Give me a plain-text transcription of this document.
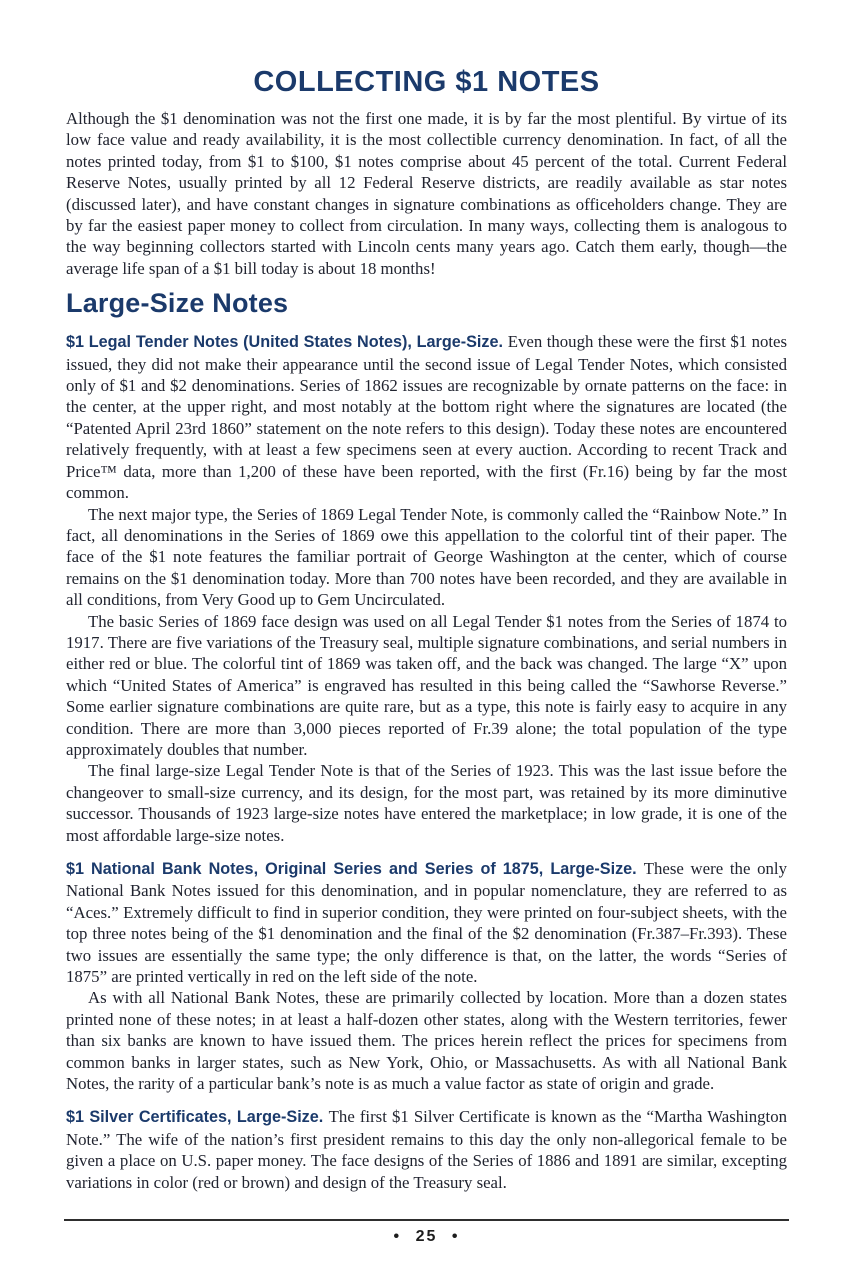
COLLECTING $1 NOTES

Although the $1 denomination was not the first one made, it is by far the most plentiful. By virtue of its low face value and ready availability, it is the most collectible currency denomination. In fact, of all the notes printed today, from $1 to $100, $1 notes comprise about 45 percent of the total. Current Federal Reserve Notes, usually printed by all 12 Federal Reserve districts, are readily available as star notes (discussed later), and have constant changes in signature combinations as officeholders change. They are by far the easiest paper money to collect from circulation. In many ways, collecting them is analogous to the way beginning collectors started with Lincoln cents many years ago. Catch them early, though—the average life span of a $1 bill today is about 18 months!

Large-Size Notes

$1 Legal Tender Notes (United States Notes), Large-Size. Even though these were the first $1 notes issued, they did not make their appearance until the second issue of Legal Tender Notes, which consisted only of $1 and $2 denominations. Series of 1862 issues are recognizable by ornate patterns on the face: in the center, at the upper right, and most notably at the bottom right where the signatures are located (the “Patented April 23rd 1860” statement on the note refers to this design). Today these notes are encountered relatively frequently, with at least a few specimens seen at every auction. According to recent Track and Price™ data, more than 1,200 of these have been reported, with the first (Fr.16) being by far the most common.

The next major type, the Series of 1869 Legal Tender Note, is commonly called the “Rainbow Note.” In fact, all denominations in the Series of 1869 owe this appellation to the colorful tint of their paper. The face of the $1 note features the familiar portrait of George Washington at the center, which of course remains on the $1 denomination today. More than 700 notes have been recorded, and they are available in all conditions, from Very Good up to Gem Uncirculated.

The basic Series of 1869 face design was used on all Legal Tender $1 notes from the Series of 1874 to 1917. There are five variations of the Treasury seal, multiple signature combinations, and serial numbers in either red or blue. The colorful tint of 1869 was taken off, and the back was changed. The large “X” upon which “United States of America” is engraved has resulted in this being called the “Sawhorse Reverse.” Some earlier signature combinations are quite rare, but as a type, this note is fairly easy to acquire in any condition. There are more than 3,000 pieces reported of Fr.39 alone; the total population of the type approximately doubles that number.

The final large-size Legal Tender Note is that of the Series of 1923. This was the last issue before the changeover to small-size currency, and its design, for the most part, was retained by its more diminutive successor. Thousands of 1923 large-size notes have entered the marketplace; in low grade, it is one of the most affordable large-size notes.

$1 National Bank Notes, Original Series and Series of 1875, Large-Size. These were the only National Bank Notes issued for this denomination, and in popular nomenclature, they are referred to as “Aces.” Extremely difficult to find in superior condition, they were printed on four-subject sheets, with the top three notes being of the $1 denomination and the final of the $2 denomination (Fr.387–Fr.393). These two issues are essentially the same type; the only difference is that, on the latter, the words “Series of 1875” are printed vertically in red on the left side of the note.

As with all National Bank Notes, these are primarily collected by location. More than a dozen states printed none of these notes; in at least a half-dozen other states, along with the Western territories, fewer than six banks are known to have issued them. The prices herein reflect the prices for specimens from common banks in larger states, such as New York, Ohio, or Massachusetts. As with all National Bank Notes, the rarity of a particular bank’s note is as much a value factor as state of origin and grade.

$1 Silver Certificates, Large-Size. The first $1 Silver Certificate is known as the “Martha Washington Note.” The wife of the nation’s first president remains to this day the only non-allegorical female to be given a place on U.S. paper money. The face designs of the Series of 1886 and 1891 are similar, excepting variations in color (red or brown) and design of the Treasury seal.

• 25 •
